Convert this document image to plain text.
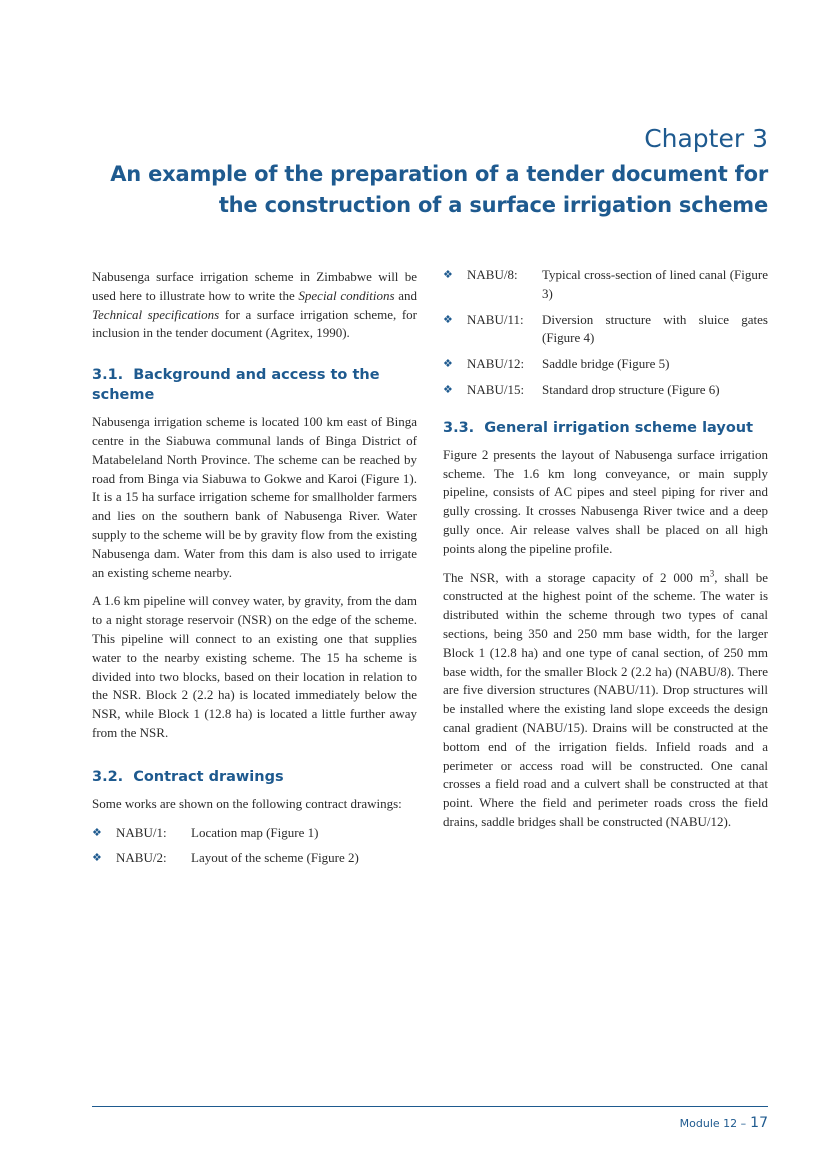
Chapter 3
An example of the preparation of a tender document for the construction of a surface irrigation scheme

Nabusenga surface irrigation scheme in Zimbabwe will be used here to illustrate how to write the Special conditions and Technical specifications for a surface irrigation scheme, for inclusion in the tender document (Agritex, 1990).

3.1. Background and access to the scheme

Nabusenga irrigation scheme is located 100 km east of Binga centre in the Siabuwa communal lands of Binga District of Matabeleland North Province. The scheme can be reached by road from Binga via Siabuwa to Gokwe and Karoi (Figure 1). It is a 15 ha surface irrigation scheme for smallholder farmers and lies on the southern bank of Nabusenga River. Water supply to the scheme will be by gravity flow from the existing Nabusenga dam. Water from this dam is also used to irrigate an existing scheme nearby.

A 1.6 km pipeline will convey water, by gravity, from the dam to a night storage reservoir (NSR) on the edge of the scheme. This pipeline will connect to an existing one that supplies water to the nearby existing scheme. The 15 ha scheme is divided into two blocks, based on their location in relation to the NSR. Block 2 (2.2 ha) is located immediately below the NSR, while Block 1 (12.8 ha) is located a little further away from the NSR.

3.2. Contract drawings

Some works are shown on the following contract drawings:

❖ NABU/1:	Location map (Figure 1)
❖ NABU/2:	Layout of the scheme (Figure 2)
❖ NABU/8:	Typical cross-section of lined canal (Figure 3)
❖ NABU/11:	Diversion structure with sluice gates (Figure 4)
❖ NABU/12:	Saddle bridge (Figure 5)
❖ NABU/15:	Standard drop structure (Figure 6)
3.3. General irrigation scheme layout

Figure 2 presents the layout of Nabusenga surface irrigation scheme. The 1.6 km long conveyance, or main supply pipeline, consists of AC pipes and steel piping for river and gully crossing. It crosses Nabusenga River twice and a deep gully once. Air release valves shall be placed on all high points along the pipeline profile.

The NSR, with a storage capacity of 2 000 $m^3$, shall be constructed at the highest point of the scheme. The water is distributed within the scheme through two types of canal sections, being 350 and 250 mm base width, for the larger Block 1 (12.8 ha) and one type of canal section, of 250 mm base width, for the smaller Block 2 (2.2 ha) (NABU/8). There are five diversion structures (NABU/11). Drop structures will be installed where the existing land slope exceeds the design canal gradient (NABU/15). Drains will be constructed at the bottom end of the irrigation fields. Infield roads and a perimeter or access road will be constructed. One canal crosses a field road and a culvert shall be constructed at that point. Where the field and perimeter roads cross the field drains, saddle bridges shall be constructed (NABU/12).

Module 12 – 17
